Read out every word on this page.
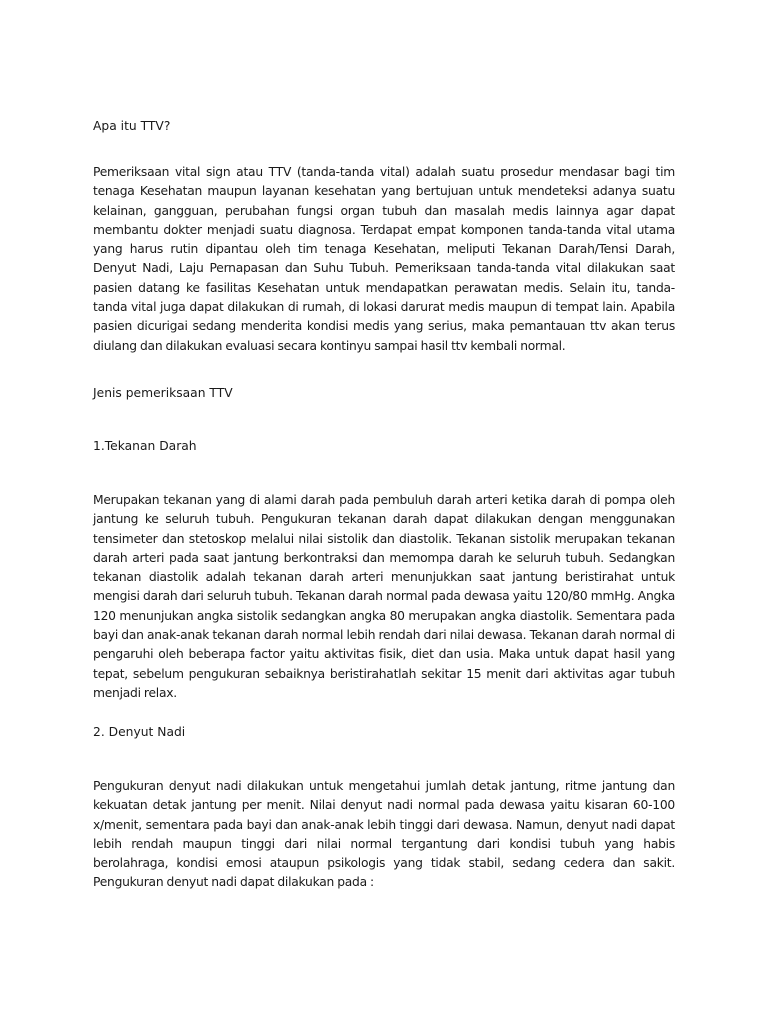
Apa itu TTV?

Pemeriksaan vital sign atau TTV (tanda-tanda vital) adalah suatu prosedur mendasar bagi tim tenaga Kesehatan maupun layanan kesehatan yang bertujuan untuk mendeteksi adanya suatu kelainan, gangguan, perubahan fungsi organ tubuh dan masalah medis lainnya agar dapat membantu dokter menjadi suatu diagnosa. Terdapat empat komponen tanda-tanda vital utama yang harus rutin dipantau oleh tim tenaga Kesehatan, meliputi Tekanan Darah/Tensi Darah, Denyut Nadi, Laju Pernapasan dan Suhu Tubuh. Pemeriksaan tanda-tanda vital dilakukan saat pasien datang ke fasilitas Kesehatan untuk mendapatkan perawatan medis. Selain itu, tanda-tanda vital juga dapat dilakukan di rumah, di lokasi darurat medis maupun di tempat lain. Apabila pasien dicurigai sedang menderita kondisi medis yang serius, maka pemantauan ttv akan terus diulang dan dilakukan evaluasi secara kontinyu sampai hasil ttv kembali normal.

Jenis pemeriksaan TTV
1.Tekanan Darah

Merupakan tekanan yang di alami darah pada pembuluh darah arteri ketika darah di pompa oleh jantung ke seluruh tubuh. Pengukuran tekanan darah dapat dilakukan dengan menggunakan tensimeter dan stetoskop melalui nilai sistolik dan diastolik. Tekanan sistolik merupakan tekanan darah arteri pada saat jantung berkontraksi dan memompa darah ke seluruh tubuh. Sedangkan tekanan diastolik adalah tekanan darah arteri menunjukkan saat jantung beristirahat untuk mengisi darah dari seluruh tubuh. Tekanan darah normal pada dewasa yaitu 120/80 mmHg. Angka 120 menunjukan angka sistolik sedangkan angka 80 merupakan angka diastolik. Sementara pada bayi dan anak-anak tekanan darah normal lebih rendah dari nilai dewasa. Tekanan darah normal di pengaruhi oleh beberapa factor yaitu aktivitas fisik, diet dan usia. Maka untuk dapat hasil yang tepat, sebelum pengukuran sebaiknya beristirahatlah sekitar 15 menit dari aktivitas agar tubuh menjadi relax.

2. Denyut Nadi

Pengukuran denyut nadi dilakukan untuk mengetahui jumlah detak jantung, ritme jantung dan kekuatan detak jantung per menit. Nilai denyut nadi normal pada dewasa yaitu kisaran 60-100 x/menit, sementara pada bayi dan anak-anak lebih tinggi dari dewasa. Namun, denyut nadi dapat lebih rendah maupun tinggi dari nilai normal tergantung dari kondisi tubuh yang habis berolahraga, kondisi emosi ataupun psikologis yang tidak stabil, sedang cedera dan sakit. Pengukuran denyut nadi dapat dilakukan pada :
